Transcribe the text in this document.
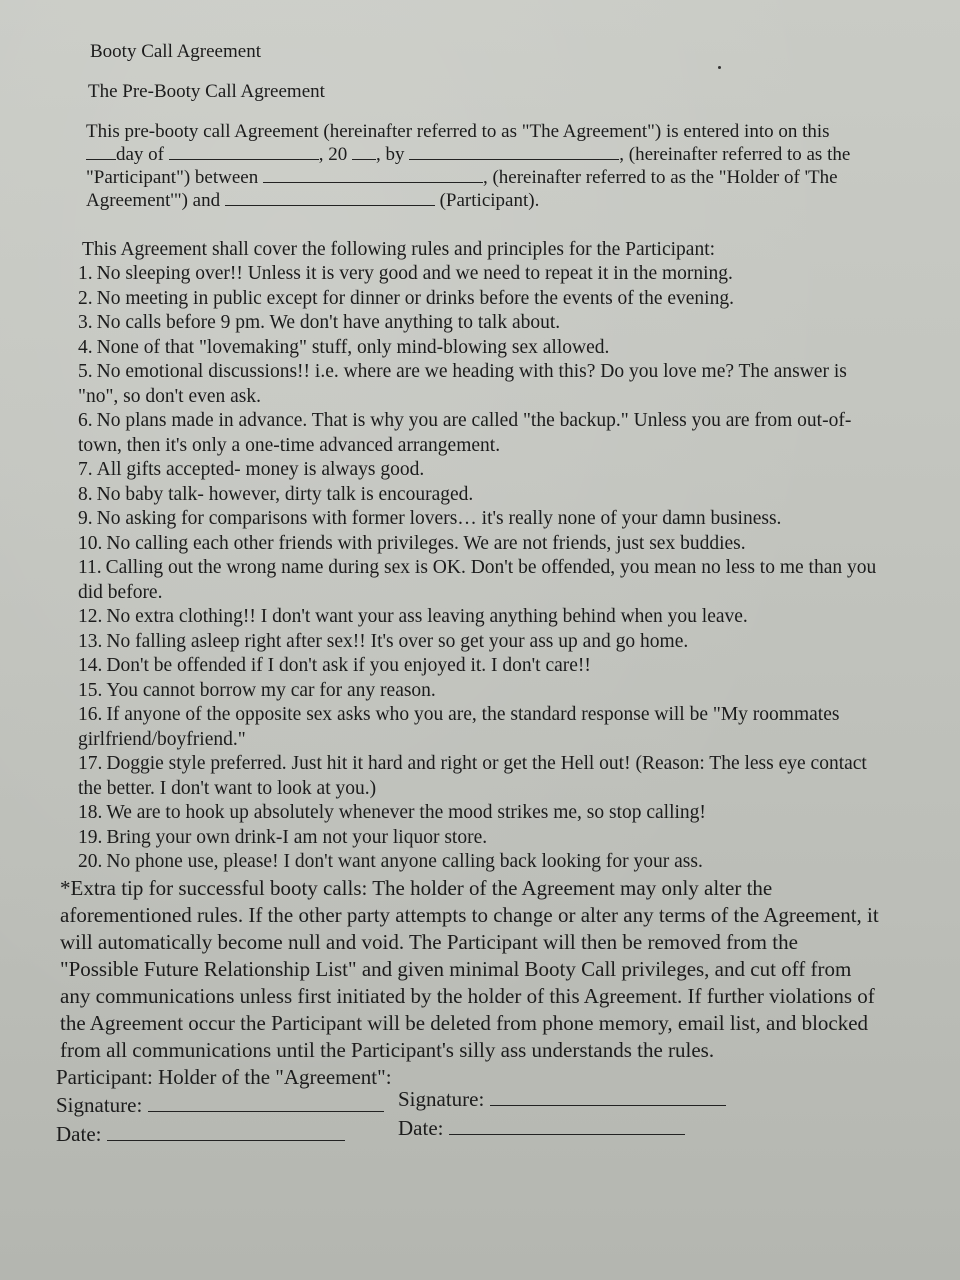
Booty Call Agreement
The Pre-Booty Call Agreement
This pre-booty call Agreement (hereinafter referred to as "The Agreement") is entered into on this day of	, 20 , by	, (hereinafter referred to as the "Participant") between	, (hereinafter referred to as the "Holder of 'The Agreement'") and	(Participant).
This Agreement shall cover the following rules and principles for the Participant:
1. No sleeping over!! Unless it is very good and we need to repeat it in the morning.
2. No meeting in public except for dinner or drinks before the events of the evening.
3. No calls before 9 pm. We don't have anything to talk about.
4. None of that "lovemaking" stuff, only mind-blowing sex allowed.
5. No emotional discussions!! i.e. where are we heading with this? Do you love me? The answer is "no", so don't even ask.
6. No plans made in advance. That is why you are called "the backup." Unless you are from out-of-town, then it's only a one-time advanced arrangement.
7. All gifts accepted- money is always good.
8. No baby talk- however, dirty talk is encouraged.
9. No asking for comparisons with former lovers… it's really none of your damn business.
10. No calling each other friends with privileges. We are not friends, just sex buddies.
11. Calling out the wrong name during sex is OK. Don't be offended, you mean no less to me than you did before.
12. No extra clothing!! I don't want your ass leaving anything behind when you leave.
13. No falling asleep right after sex!! It's over so get your ass up and go home.
14. Don't be offended if I don't ask if you enjoyed it. I don't care!!
15. You cannot borrow my car for any reason.
16. If anyone of the opposite sex asks who you are, the standard response will be "My roommates girlfriend/boyfriend."
17. Doggie style preferred. Just hit it hard and right or get the Hell out! (Reason: The less eye contact the better. I don't want to look at you.)
18. We are to hook up absolutely whenever the mood strikes me, so stop calling!
19. Bring your own drink-I am not your liquor store.
20. No phone use, please! I don't want anyone calling back looking for your ass.
*Extra tip for successful booty calls: The holder of the Agreement may only alter the aforementioned rules. If the other party attempts to change or alter any terms of the Agreement, it will automatically become null and void. The Participant will then be removed from the "Possible Future Relationship List" and given minimal Booty Call privileges, and cut off from any communications unless first initiated by the holder of this Agreement. If further violations of the Agreement occur the Participant will be deleted from phone memory, email list, and blocked from all communications until the Participant's silly ass understands the rules.
Participant: Holder of the "Agreement":
Signature:	Signature:
Date:	Date:
